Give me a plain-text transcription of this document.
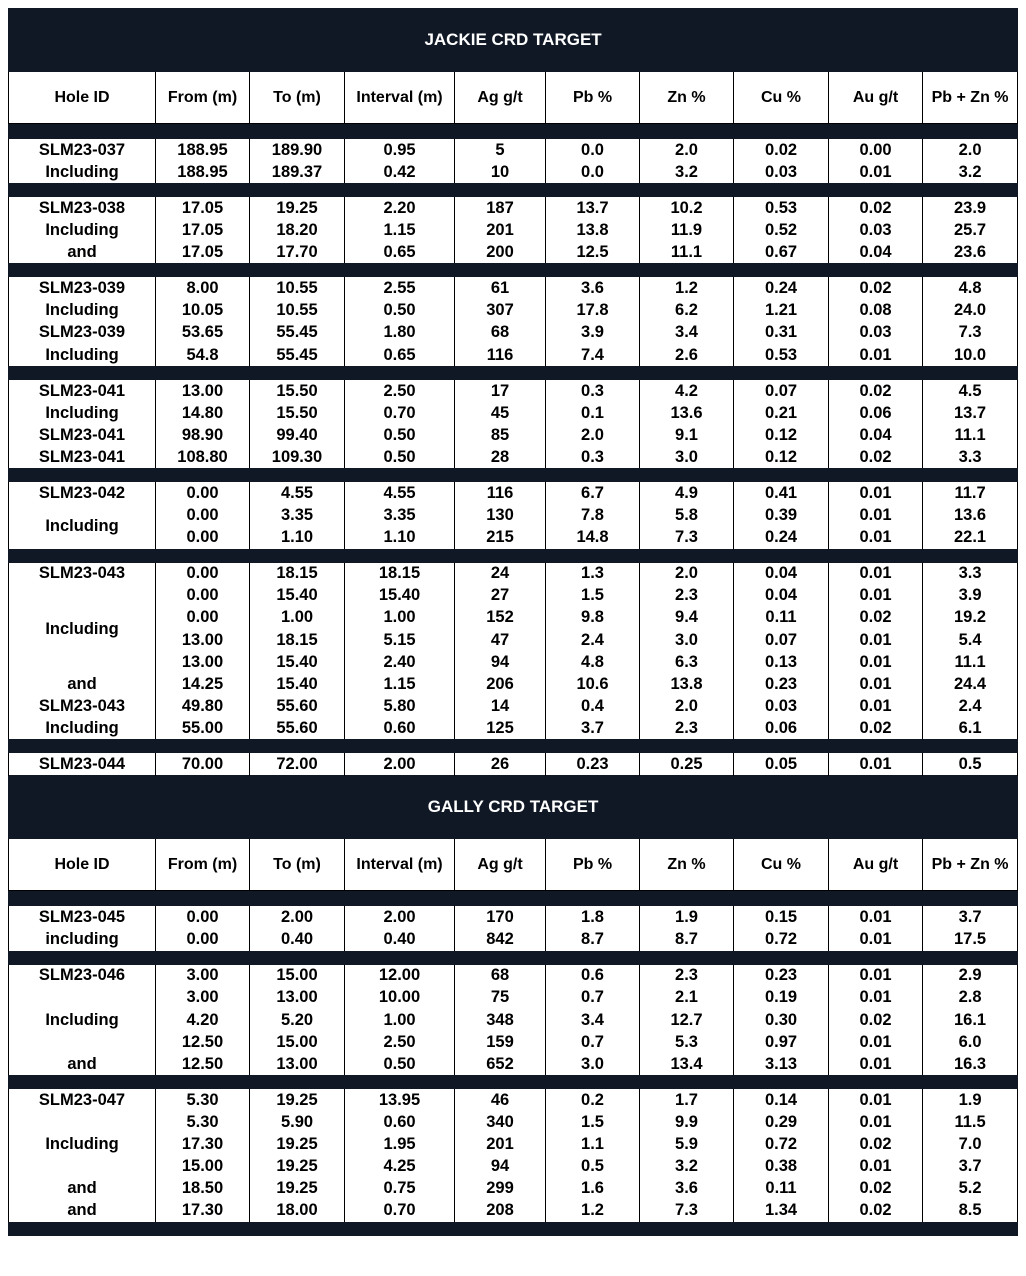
JACKIE CRD TARGET									
Hole ID	From (m)	To (m)	Interval (m)	Ag g/t	Pb %	Zn %	Cu %	Au g/t	Pb + Zn %

SLM23-037	188.95	189.90	0.95	5	0.0	2.0	0.02	0.00	2.0
Including	188.95	189.37	0.42	10	0.0	3.2	0.03	0.01	3.2

SLM23-038	17.05	19.25	2.20	187	13.7	10.2	0.53	0.02	23.9
Including	17.05	18.20	1.15	201	13.8	11.9	0.52	0.03	25.7
and	17.05	17.70	0.65	200	12.5	11.1	0.67	0.04	23.6

SLM23-039	8.00	10.55	2.55	61	3.6	1.2	0.24	0.02	4.8
Including	10.05	10.55	0.50	307	17.8	6.2	1.21	0.08	24.0
SLM23-039	53.65	55.45	1.80	68	3.9	3.4	0.31	0.03	7.3
Including	54.8	55.45	0.65	116	7.4	2.6	0.53	0.01	10.0

SLM23-041	13.00	15.50	2.50	17	0.3	4.2	0.07	0.02	4.5
Including	14.80	15.50	0.70	45	0.1	13.6	0.21	0.06	13.7
SLM23-041	98.90	99.40	0.50	85	2.0	9.1	0.12	0.04	11.1
SLM23-041	108.80	109.30	0.50	28	0.3	3.0	0.12	0.02	3.3

SLM23-042	0.00	4.55	4.55	116	6.7	4.9	0.41	0.01	11.7
Including	0.00	3.35	3.35	130	7.8	5.8	0.39	0.01	13.6
	0.00	1.10	1.10	215	14.8	7.3	0.24	0.01	22.1

SLM23-043	0.00	18.15	18.15	24	1.3	2.0	0.04	0.01	3.3
Including	0.00	15.40	15.40	27	1.5	2.3	0.04	0.01	3.9
	0.00	1.00	1.00	152	9.8	9.4	0.11	0.02	19.2
	13.00	18.15	5.15	47	2.4	3.0	0.07	0.01	5.4
	13.00	15.40	2.40	94	4.8	6.3	0.13	0.01	11.1
and	14.25	15.40	1.15	206	10.6	13.8	0.23	0.01	24.4
SLM23-043	49.80	55.60	5.80	14	0.4	2.0	0.03	0.01	2.4
Including	55.00	55.60	0.60	125	3.7	2.3	0.06	0.02	6.1

SLM23-044	70.00	72.00	2.00	26	0.23	0.25	0.05	0.01	0.5
GALLY CRD TARGET									
Hole ID	From (m)	To (m)	Interval (m)	Ag g/t	Pb %	Zn %	Cu %	Au g/t	Pb + Zn %

SLM23-045	0.00	2.00	2.00	170	1.8	1.9	0.15	0.01	3.7
including	0.00	0.40	0.40	842	8.7	8.7	0.72	0.01	17.5

SLM23-046	3.00	15.00	12.00	68	0.6	2.3	0.23	0.01	2.9
Including	3.00	13.00	10.00	75	0.7	2.1	0.19	0.01	2.8
	4.20	5.20	1.00	348	3.4	12.7	0.30	0.02	16.1
	12.50	15.00	2.50	159	0.7	5.3	0.97	0.01	6.0
and	12.50	13.00	0.50	652	3.0	13.4	3.13	0.01	16.3

SLM23-047	5.30	19.25	13.95	46	0.2	1.7	0.14	0.01	1.9
Including	5.30	5.90	0.60	340	1.5	9.9	0.29	0.01	11.5
	17.30	19.25	1.95	201	1.1	5.9	0.72	0.02	7.0
	15.00	19.25	4.25	94	0.5	3.2	0.38	0.01	3.7
and	18.50	19.25	0.75	299	1.6	3.6	0.11	0.02	5.2
and	17.30	18.00	0.70	208	1.2	7.3	1.34	0.02	8.5
